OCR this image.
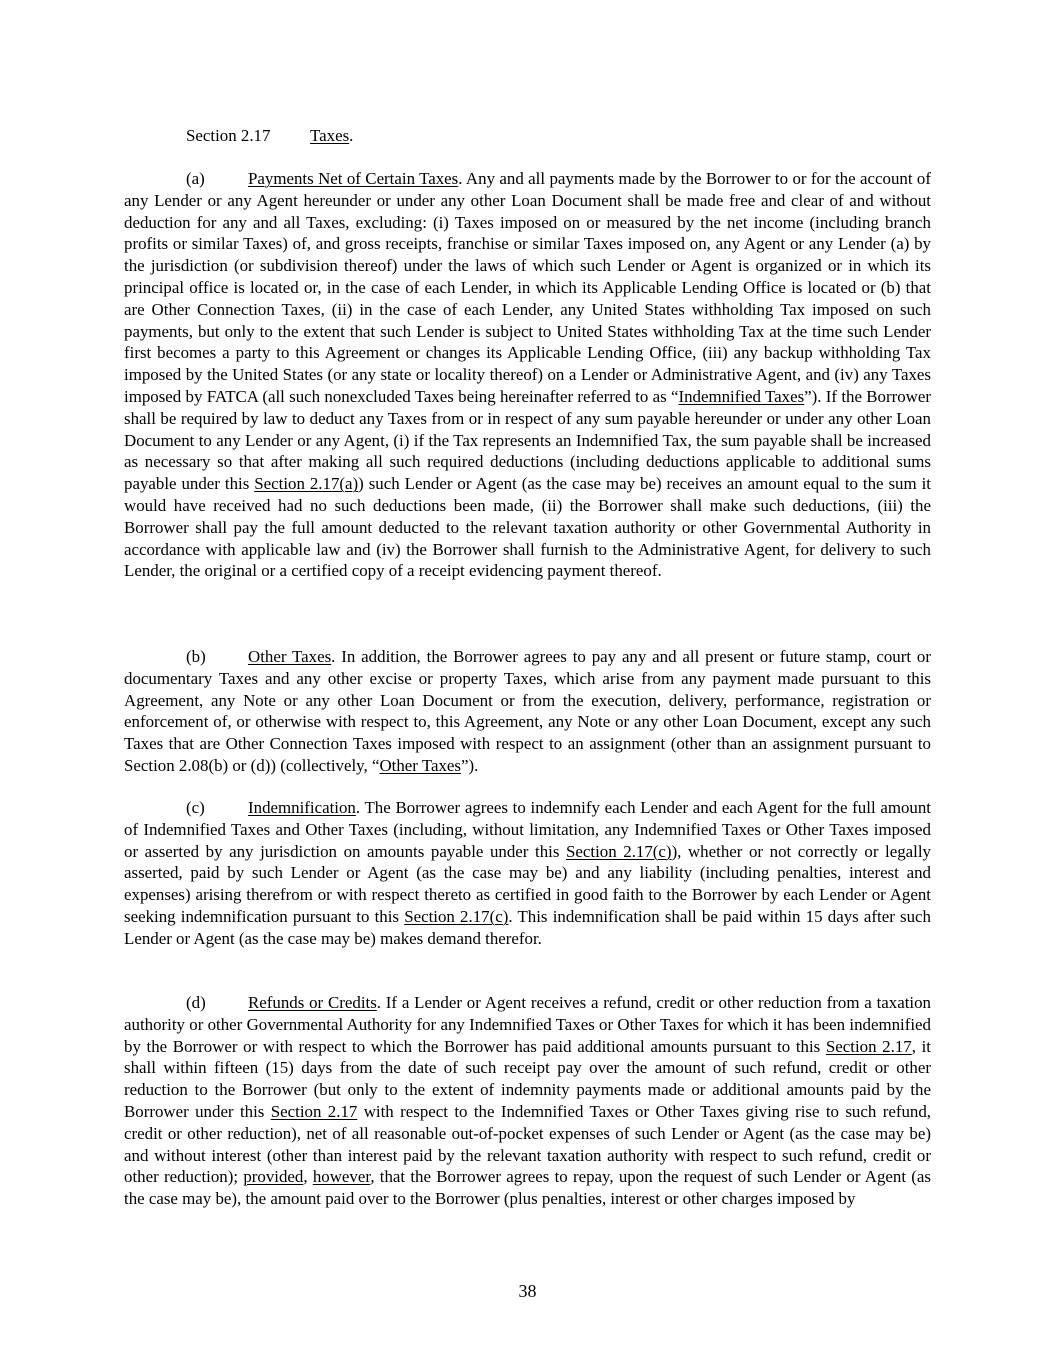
Section 2.17 Taxes.

(a)	Payments Net of Certain Taxes. Any and all payments made by the Borrower to or for the account of any Lender or any Agent hereunder or under any other Loan Document shall be made free and clear of and without deduction for any and all Taxes, excluding: (i) Taxes imposed on or measured by the net income (including branch profits or similar Taxes) of, and gross receipts, franchise or similar Taxes imposed on, any Agent or any Lender (a) by the jurisdiction (or subdivision thereof) under the laws of which such Lender or Agent is organized or in which its principal office is located or, in the case of each Lender, in which its Applicable Lending Office is located or (b) that are Other Connection Taxes, (ii) in the case of each Lender, any United States withholding Tax imposed on such payments, but only to the extent that such Lender is subject to United States withholding Tax at the time such Lender first becomes a party to this Agreement or changes its Applicable Lending Office, (iii) any backup withholding Tax imposed by the United States (or any state or locality thereof) on a Lender or Administrative Agent, and (iv) any Taxes imposed by FATCA (all such nonexcluded Taxes being hereinafter referred to as “Indemnified Taxes”). If the Borrower shall be required by law to deduct any Taxes from or in respect of any sum payable hereunder or under any other Loan Document to any Lender or any Agent, (i) if the Tax represents an Indemnified Tax, the sum payable shall be increased as necessary so that after making all such required deductions (including deductions applicable to additional sums payable under this Section 2.17(a)) such Lender or Agent (as the case may be) receives an amount equal to the sum it would have received had no such deductions been made, (ii) the Borrower shall make such deductions, (iii) the Borrower shall pay the full amount deducted to the relevant taxation authority or other Governmental Authority in accordance with applicable law and (iv) the Borrower shall furnish to the Administrative Agent, for delivery to such Lender, the original or a certified copy of a receipt evidencing payment thereof.

(b)	Other Taxes. In addition, the Borrower agrees to pay any and all present or future stamp, court or documentary Taxes and any other excise or property Taxes, which arise from any payment made pursuant to this Agreement, any Note or any other Loan Document or from the execution, delivery, performance, registration or enforcement of, or otherwise with respect to, this Agreement, any Note or any other Loan Document, except any such Taxes that are Other Connection Taxes imposed with respect to an assignment (other than an assignment pursuant to Section 2.08(b) or (d)) (collectively, “Other Taxes”).

(c)	Indemnification. The Borrower agrees to indemnify each Lender and each Agent for the full amount of Indemnified Taxes and Other Taxes (including, without limitation, any Indemnified Taxes or Other Taxes imposed or asserted by any jurisdiction on amounts payable under this Section 2.17(c)), whether or not correctly or legally asserted, paid by such Lender or Agent (as the case may be) and any liability (including penalties, interest and expenses) arising therefrom or with respect thereto as certified in good faith to the Borrower by each Lender or Agent seeking indemnification pursuant to this Section 2.17(c). This indemnification shall be paid within 15 days after such Lender or Agent (as the case may be) makes demand therefor.

(d)	Refunds or Credits. If a Lender or Agent receives a refund, credit or other reduction from a taxation authority or other Governmental Authority for any Indemnified Taxes or Other Taxes for which it has been indemnified by the Borrower or with respect to which the Borrower has paid additional amounts pursuant to this Section 2.17, it shall within fifteen (15) days from the date of such receipt pay over the amount of such refund, credit or other reduction to the Borrower (but only to the extent of indemnity payments made or additional amounts paid by the Borrower under this Section 2.17 with respect to the Indemnified Taxes or Other Taxes giving rise to such refund, credit or other reduction), net of all reasonable out-of-pocket expenses of such Lender or Agent (as the case may be) and without interest (other than interest paid by the relevant taxation authority with respect to such refund, credit or other reduction); provided, however, that the Borrower agrees to repay, upon the request of such Lender or Agent (as the case may be), the amount paid over to the Borrower (plus penalties, interest or other charges imposed by

38
